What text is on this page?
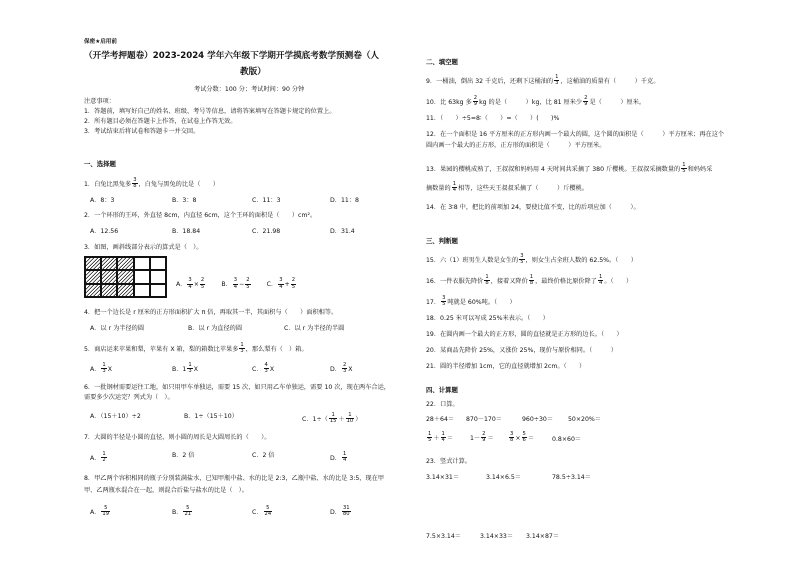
保密★启用前
（开学考押题卷）2023-2024 学年六年级下学期开学摸底考数学预测卷（人
教版）
考试分数：100 分；考试时间：90 分钟
注意事项：
1．答题前，填写好自己的姓名、班级、考号等信息，请将答案填写在答题卡规定的位置上。
2．所有题目必须在答题卡上作答，在试卷上作答无效。
3．考试结束后将试卷和答题卡一并交回。
一、选择题
1．白兔比黑兔多 $\frac{3}{8}$ ，白兔与黑兔的比是（　　）
A．8：3	B．3：8	C．11：3	D．11：8
2．一个环形的王环，外直径 8cm，内直径 6cm，这个王环的面积是（　　）cm²。
A．12.56	B．18.84	C．21.98	D．31.4
3．如图，画斜线部分表示的算式是（　）。
A． $\frac{3}{4} \times \frac{2}{5}$	B． $\frac{3}{4} - \frac{2}{5}$	C． $\frac{3}{4} + \frac{2}{5}$
4．把一个边长是 r 厘米的正方形面积扩大 π 倍，再取其一半，其面积与（　　）面积相等。
A．以 r 为半径的圆	B．以 r 为直径的圆	C．以 r 为半径的半圆
5．商店运来苹果和梨，苹果有 X 箱，梨的箱数比苹果多 $\frac{1}{3}$ ，那么梨有（　）箱。
A． $\frac{1}{3}$ X	B．$1 \frac{1}{3}$ X	C． $\frac{4}{3}$ X	D． $\frac{2}{3}$ X
6．一批钢材需要运往工地，如只用甲车单独运，需要 15 次，如只用乙车单独运，需要 10 次，现在两车合运，
需要多少次运完？列式为（　）。
A．（15＋10）÷2	B．1÷（15＋10）	C．$1\div( \frac{1}{15} + \frac{1}{10}$ ）
7．大圆的半径是小圆的直径，则小圆的周长是大圆周长的（　　）。
A． $\frac{1}{2}$	B．2 倍	C．2 倍	D． $\frac{1}{4}$
8．甲乙两个容积相同的瓶子分别装满盐水，已知甲瓶中盐、水的比是 2:3，乙瓶中盐、水的比是 3:5，现在甲
甲、乙两瓶水混合在一起，则混合后盐与盐水的比是（　）。
A． $\frac{5}{19}$	B． $\frac{5}{21}$	C． $\frac{5}{24}$	D． $\frac{31}{80}$
二、填空题
9．一桶油，倒出 32 千克后，还剩下这桶油的 $\frac{1}{3}$ ，这桶油的质量有（　　　）千克。
10．比 63kg 多 $\frac{2}{9}$ kg 的是（　　　）kg，比 81 厘米少 $\frac{2}{9}$ 是（　　　）厘米。
11．（　　）÷5=8∶（　　）=（　　）(　　)%
12．在一个面积是 16 平方厘米的正方形内画一个最大的圆，这个圆的面积是（　　　）平方厘米；再在这个
圆内画一个最大的正方形，正方形的面积是（　　　）平方厘米。
13．果园的樱桃成熟了，王叔叔和妈妈用 4 天时间共采摘了 380 斤樱桃。王叔叔采摘数量的 $\frac{1}{5}$ 和妈妈采
摘数量的 $\frac{1}{4}$ 相等，这些天王叔叔采摘了（　　　）斤樱桃。
14．在 3∶8 中，把比的前项加 24，要使比值不变，比的后项应加（　　　）。
三、判断题
15．六（1）班男生人数是女生的 $\frac{3}{5}$ ，则女生占全班人数的 62.5%。（　　）
16．一件衣服先降价 $\frac{1}{8}$ ，接着又降价 $\frac{1}{8}$ ，最终价格比原价降了 $\frac{1}{4}$ 。（　　）
17． $\frac{3}{5}$ 吨就是 60%吨。（　　）
18．0.25 米可以写成 25%米表示。（　　）
19．在圆内画一个最大的正方形，圆的直径就是正方形的边长。（　　）
20．某商品先降价 25%，又涨价 25%，现价与原价相同。（　　　）
21．圆的半径增加 1cm，它的直径就增加 2cm。（　　）
四、计算题
22．口算。
28＋64＝ 870－170＝	960÷30＝ 50×20%＝
$\frac{1}{5} + \frac{1}{4}$ ＝	$1- \frac{2}{9}$ ＝	$\frac{3}{8} \times \frac{5}{6}$ ＝	0.8×60＝
23．竖式计算。
3.14×31＝	3.14×6.5＝	78.5÷3.14＝
7.5×3.14＝	3.14×33＝ 3.14×87＝
